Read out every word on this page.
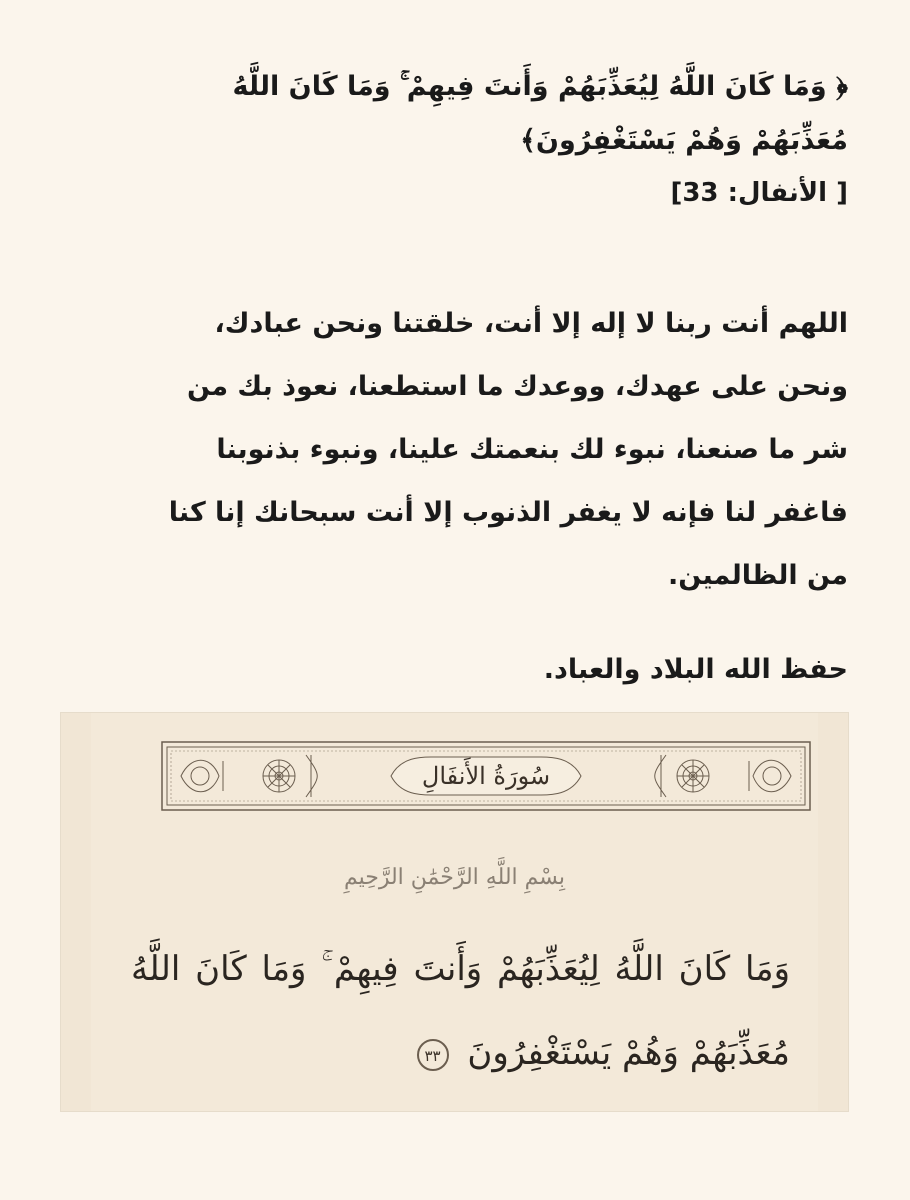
﴿ وَمَا كَانَ اللَّهُ لِيُعَذِّبَهُمْ وَأَنتَ فِيهِمْ ۚ وَمَا كَانَ اللَّهُ

مُعَذِّبَهُمْ وَهُمْ يَسْتَغْفِرُونَ﴾

[ الأنفال: 33]

اللهم أنت ربنا لا إله إلا أنت، خلقتنا ونحن عبادك،

ونحن على عهدك، ووعدك ما استطعنا، نعوذ بك من

شر ما صنعنا، نبوء لك بنعمتك علينا، ونبوء بذنوبنا

فاغفر لنا فإنه لا يغفر الذنوب إلا أنت سبحانك إنا كنا

من الظالمين.

حفظ الله البلاد والعباد.
سُورَةُ الأَنفَالِ
بِسْمِ اللَّهِ الرَّحْمَٰنِ الرَّحِيمِ
وَمَا كَانَ اللَّهُ لِيُعَذِّبَهُمْ وَأَنتَ فِيهِمْ ۚ وَمَا كَانَ اللَّهُ
مُعَذِّبَهُمْ وَهُمْ يَسْتَغْفِرُونَ ٣٣
